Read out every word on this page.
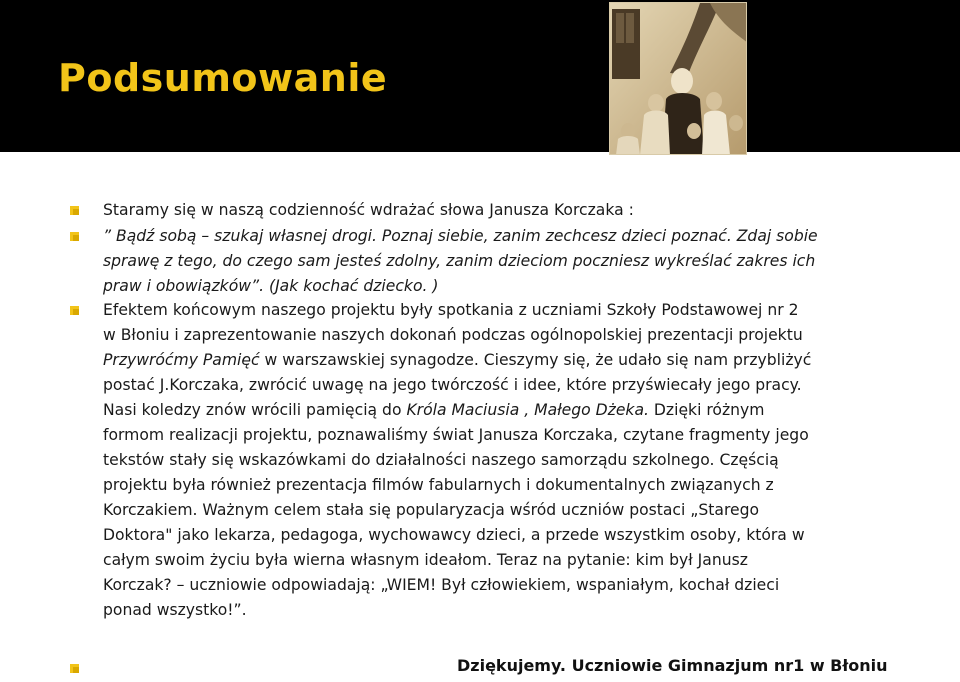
Podsumowanie
Staramy się w naszą codzienność wdrażać słowa Janusza Korczaka :
” Bądź sobą – szukaj własnej drogi. Poznaj siebie, zanim zechcesz dzieci poznać. Zdaj sobie
sprawę z tego, do czego sam jesteś zdolny, zanim dzieciom poczniesz wykreślać zakres ich
praw i obowiązków”. (Jak kochać dziecko. )
Efektem końcowym naszego projektu były spotkania z uczniami Szkoły Podstawowej nr 2
w Błoniu i zaprezentowanie naszych dokonań podczas ogólnopolskiej prezentacji projektu
Przywróćmy Pamięć w warszawskiej synagodze. Cieszymy się, że udało się nam przybliżyć
postać J.Korczaka, zwrócić uwagę na jego twórczość i idee, które przyświecały jego pracy.
Nasi koledzy znów wrócili pamięcią do Króla Maciusia , Małego Dżeka. Dzięki różnym
formom realizacji projektu, poznawaliśmy świat Janusza Korczaka, czytane fragmenty jego
tekstów stały się wskazówkami do działalności naszego samorządu szkolnego. Częścią
projektu była również prezentacja filmów fabularnych i dokumentalnych związanych z
Korczakiem. Ważnym celem stała się popularyzacja wśród uczniów postaci „Starego
Doktora" jako lekarza, pedagoga, wychowawcy dzieci, a przede wszystkim osoby, która w
całym swoim życiu była wierna własnym ideałom. Teraz na pytanie: kim był Janusz
Korczak? – uczniowie odpowiadają: „WIEM! Był człowiekiem, wspaniałym, kochał dzieci
ponad wszystko!”.
Dziękujemy. Uczniowie Gimnazjum nr1 w Błoniu
